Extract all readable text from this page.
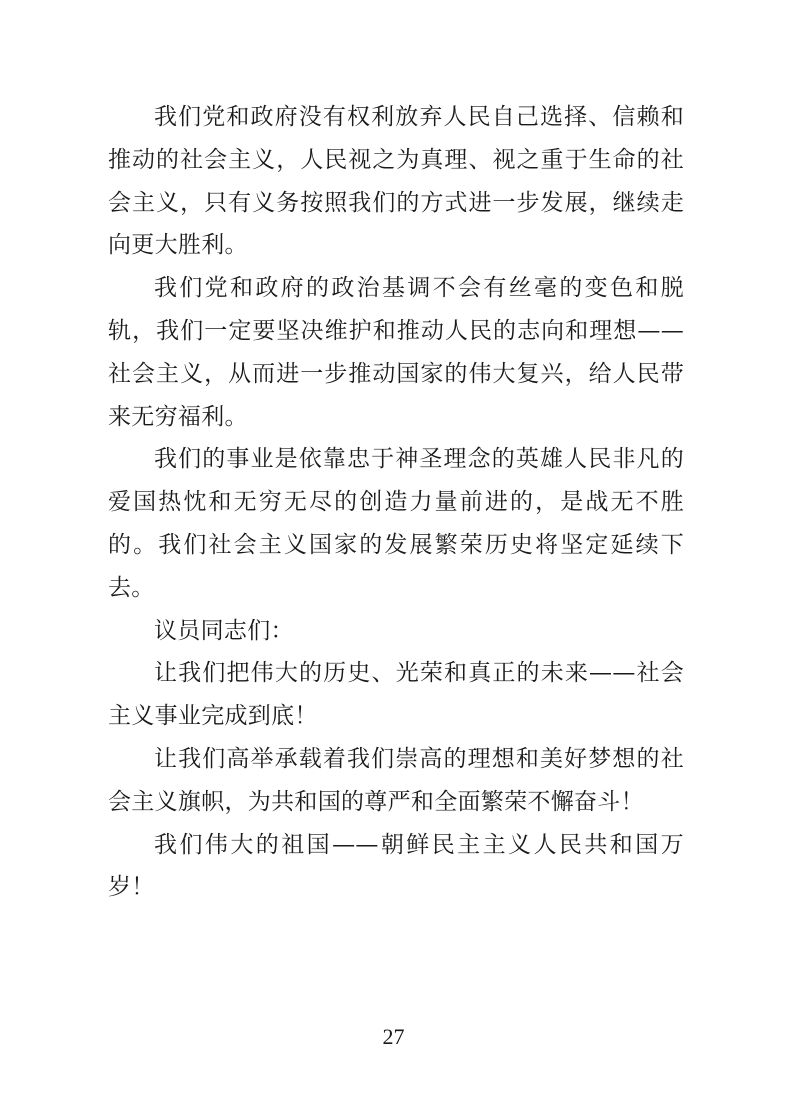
我们党和政府没有权利放弃人民自己选择、信赖和推动的社会主义，人民视之为真理、视之重于生命的社会主义，只有义务按照我们的方式进一步发展，继续走向更大胜利。

我们党和政府的政治基调不会有丝毫的变色和脱轨，我们一定要坚决维护和推动人民的志向和理想——社会主义，从而进一步推动国家的伟大复兴，给人民带来无穷福利。

我们的事业是依靠忠于神圣理念的英雄人民非凡的爱国热忱和无穷无尽的创造力量前进的，是战无不胜的。我们社会主义国家的发展繁荣历史将坚定延续下去。

议员同志们：

让我们把伟大的历史、光荣和真正的未来——社会主义事业完成到底！

让我们高举承载着我们崇高的理想和美好梦想的社会主义旗帜，为共和国的尊严和全面繁荣不懈奋斗！

我们伟大的祖国——朝鲜民主主义人民共和国万岁！

27
